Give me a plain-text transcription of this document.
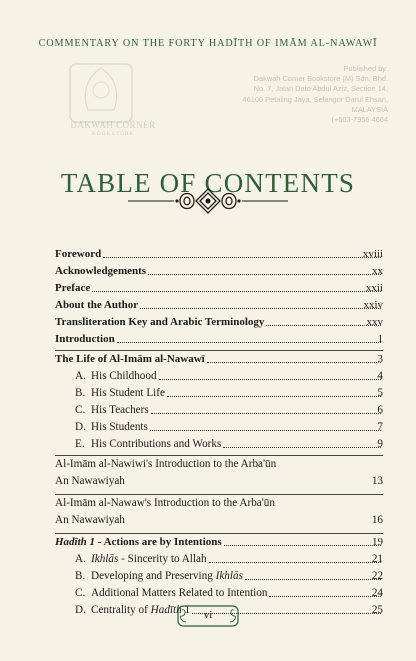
COMMENTARY ON THE FORTY HADĪTH OF IMĀM AL-NAWAWĪ
DAKWAH CORNER
BOOKSTORE
Published by:
Dakwah Corner Bookstore (M) Sdn. Bhd.
No. 7, Jalan Dato Abdul Aziz, Section 14,
46100 Petaling Jaya, Selangor Darul Ehsan,
MALAYSIA
(+603-7956 4664
TABLE OF CONTENTS
Foreword	xviii
Acknowledgements	xx
Preface	xxii
About the Author	xxiv
Transliteration Key and Arabic Terminology	xxv
Introduction	1
The Life of Al-Imām al-Nawawī	3
A. His Childhood	4
B. His Student Life	5
C. His Teachers	6
D. His Students	7
E. His Contributions and Works	9
Al-Imām al-Nawiwi's Introduction to the Arba'ūn
An Nawawiyah	13
Al-Imām al-Nawaw's Introduction to the Arba'ūn
An Nawawiyah	16
Hadīth 1 - Actions are by Intentions	19
A. Ikhlās - Sincerity to Allah	21
B. Developing and Preserving Ikhlās	22
C. Additional Matters Related to Intention	24
D. Centrality of Hadīth 1	25
vi
